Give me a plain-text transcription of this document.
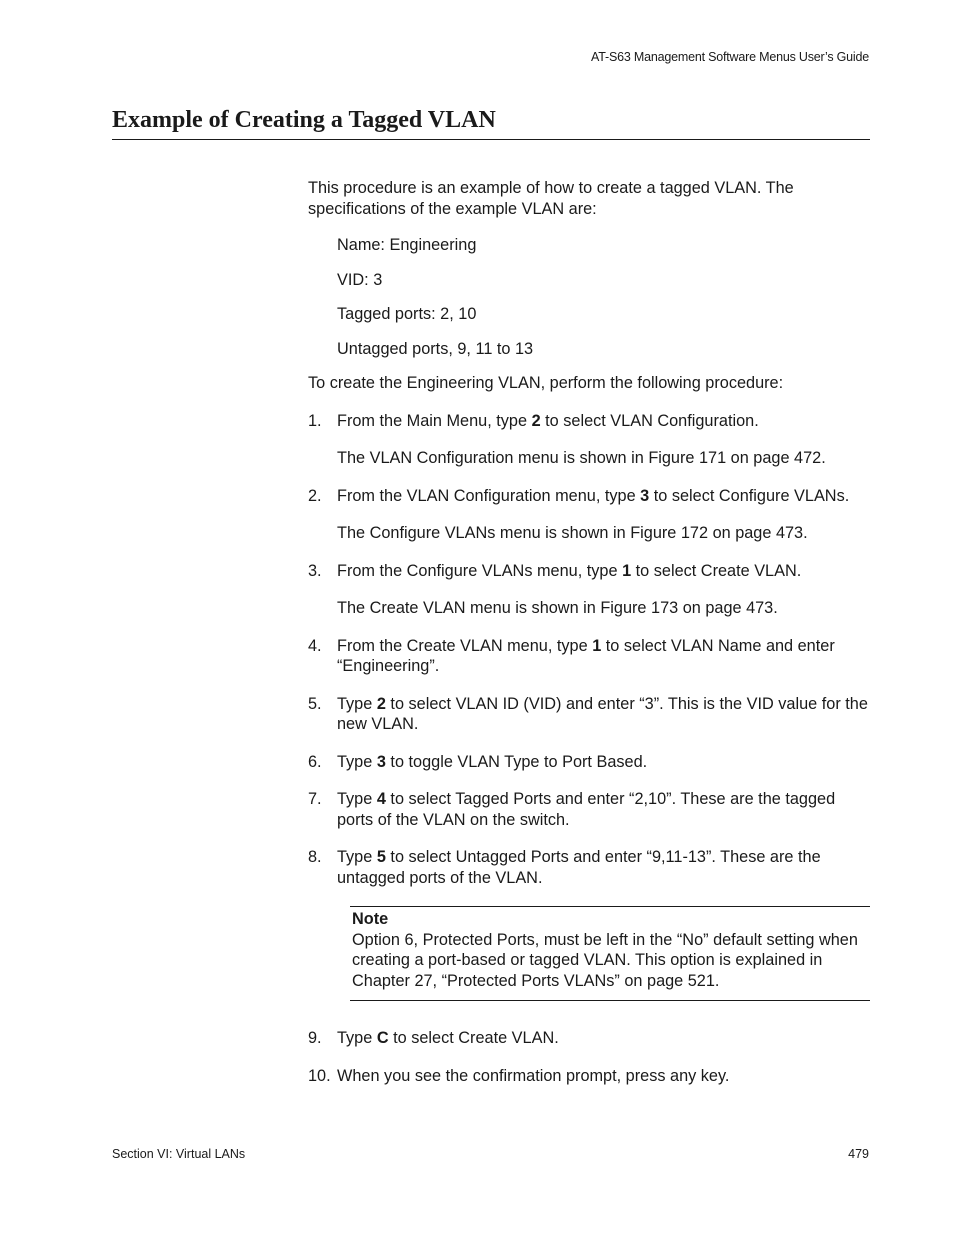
AT-S63 Management Software Menus User’s Guide
Example of Creating a Tagged VLAN

This procedure is an example of how to create a tagged VLAN. The specifications of the example VLAN are:

Name: Engineering
VID: 3
Tagged ports: 2, 10
Untagged ports, 9, 11 to 13

To create the Engineering VLAN, perform the following procedure:

1. From the Main Menu, type 2 to select VLAN Configuration.

The VLAN Configuration menu is shown in Figure 171 on page 472.

2. From the VLAN Configuration menu, type 3 to select Configure VLANs.

The Configure VLANs menu is shown in Figure 172 on page 473.

3. From the Configure VLANs menu, type 1 to select Create VLAN.

The Create VLAN menu is shown in Figure 173 on page 473.

4. From the Create VLAN menu, type 1 to select VLAN Name and enter “Engineering”.

5. Type 2 to select VLAN ID (VID) and enter “3”. This is the VID value for the new VLAN.

6. Type 3 to toggle VLAN Type to Port Based.

7. Type 4 to select Tagged Ports and enter “2,10”. These are the tagged ports of the VLAN on the switch.

8. Type 5 to select Untagged Ports and enter “9,11-13”. These are the untagged ports of the VLAN.

Note
Option 6, Protected Ports, must be left in the “No” default setting when creating a port-based or tagged VLAN. This option is explained in Chapter 27, “Protected Ports VLANs” on page 521.
9. Type C to select Create VLAN.

10. When you see the confirmation prompt, press any key.

Section VI: Virtual LANs	479
